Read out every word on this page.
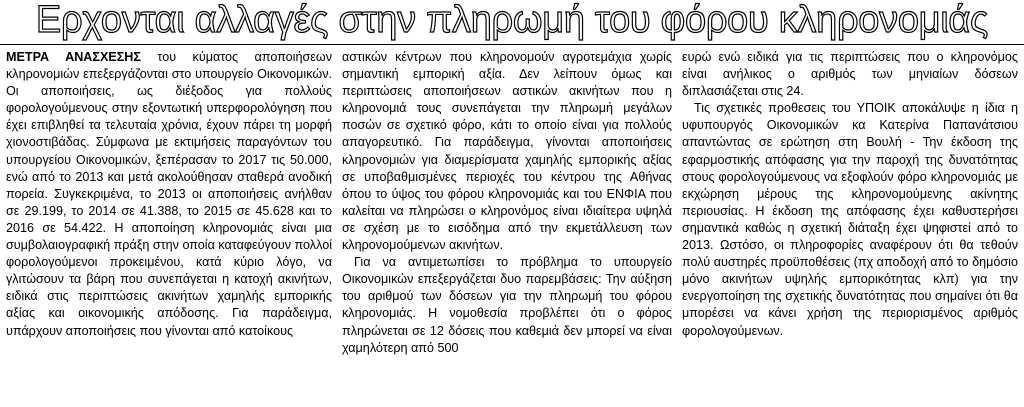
Ερχονται αλλαγές στην πληρωμή του φόρου κληρονομιάς

ΜΕΤΡΑ ΑΝΑΣΧΕΣΗΣ του κύματος αποποιήσεων κληρονομιών επεξεργάζονται στο υπουργείο Οικονομικών. Οι αποποιήσεις, ως διέξοδος για πολλούς φορολογούμενους στην εξοντωτική υπερφορολόγηση που έχει επιβληθεί τα τελευταία χρόνια, έχουν πάρει τη μορφή χιονοστιβάδας. Σύμφωνα με εκτιμήσεις παραγόντων του υπουργείου Οικονομικών, ξεπέρασαν το 2017 τις 50.000, ενώ από το 2013 και μετά ακολούθησαν σταθερά ανοδική πορεία. Συγκεκριμένα, το 2013 οι αποποιήσεις ανήλθαν σε 29.199, το 2014 σε 41.388, το 2015 σε 45.628 και το 2016 σε 54.422. Η αποποίηση κληρονομιάς είναι μια συμβολαιογραφική πράξη στην οποία καταφεύγουν πολλοί φορολογούμενοι προκειμένου, κατά κύριο λόγο, να γλιτώσουν τα βάρη που συνεπάγεται η κατοχή ακινήτων, ειδικά στις περιπτώσεις ακινήτων χαμηλής εμπορικής αξίας και οικονομικής απόδοσης. Για παράδειγμα, υπάρχουν αποποιήσεις που γίνονται από κατοίκους

αστικών κέντρων που κληρονομούν αγροτεμάχια χωρίς σημαντική εμπορική αξία. Δεν λείπουν όμως και περιπτώσεις αποποιήσεων αστικών ακινήτων που η κληρονομιά τους συνεπάγεται την πληρωμή μεγάλων ποσών σε σχετικό φόρο, κάτι το οποίο είναι για πολλούς απαγορευτικό. Για παράδειγμα, γίνονται αποποιήσεις κληρονομιών για διαμερίσματα χαμηλής εμπορικής αξίας σε υποβαθμισμένες περιοχές του κέντρου της Αθήνας όπου το ύψος του φόρου κληρονομιάς και του ΕΝΦΙΑ που καλείται να πληρώσει ο κληρονόμος είναι ιδιαίτερα υψηλά σε σχέση με το εισόδημα από την εκμετάλλευση των κληρονομούμενων ακινήτων.

Για να αντιμετωπίσει το πρόβλημα το υπουργείο Οικονομικών επεξεργάζεται δυο παρεμβάσεις: Την αύξηση του αριθμού των δόσεων για την πληρωμή του φόρου κληρονομιάς. Η νομοθεσία προβλέπει ότι ο φόρος πληρώνεται σε 12 δόσεις που καθεμιά δεν μπορεί να είναι χαμηλότερη από 500

ευρώ ενώ ειδικά για τις περιπτώσεις που ο κληρονόμος είναι ανήλικος ο αριθμός των μηνιαίων δόσεων διπλασιάζεται στις 24.

Τις σχετικές προθεσεις του ΥΠΟΙΚ αποκάλυψε η ίδια η υφυπουργός Οικονομικών κα Κατερίνα Παπανάτσιου απαντώντας σε ερώτηση στη Βουλή - Την έκδοση της εφαρμοστικής απόφασης για την παροχή της δυνατότητας στους φορολογούμενους να εξοφλούν φόρο κληρονομιάς με εκχώρηση μέρους της κληρονομούμενης ακίνητης περιουσίας. Η έκδοση της απόφασης έχει καθυστερήσει σημαντικά καθώς η σχετική διάταξη έχει ψηφιστεί από το 2013. Ωστόσο, οι πληροφορίες αναφέρουν ότι θα τεθούν πολύ αυστηρές προϋποθέσεις (πχ αποδοχή από το δημόσιο μόνο ακινήτων υψηλής εμπορικότητας κλπ) για την ενεργοποίηση της σχετικής δυνατότητας που σημαίνει ότι θα μπορέσει να κάνει χρήση της περιορισμένος αριθμός φορολογούμενων.
